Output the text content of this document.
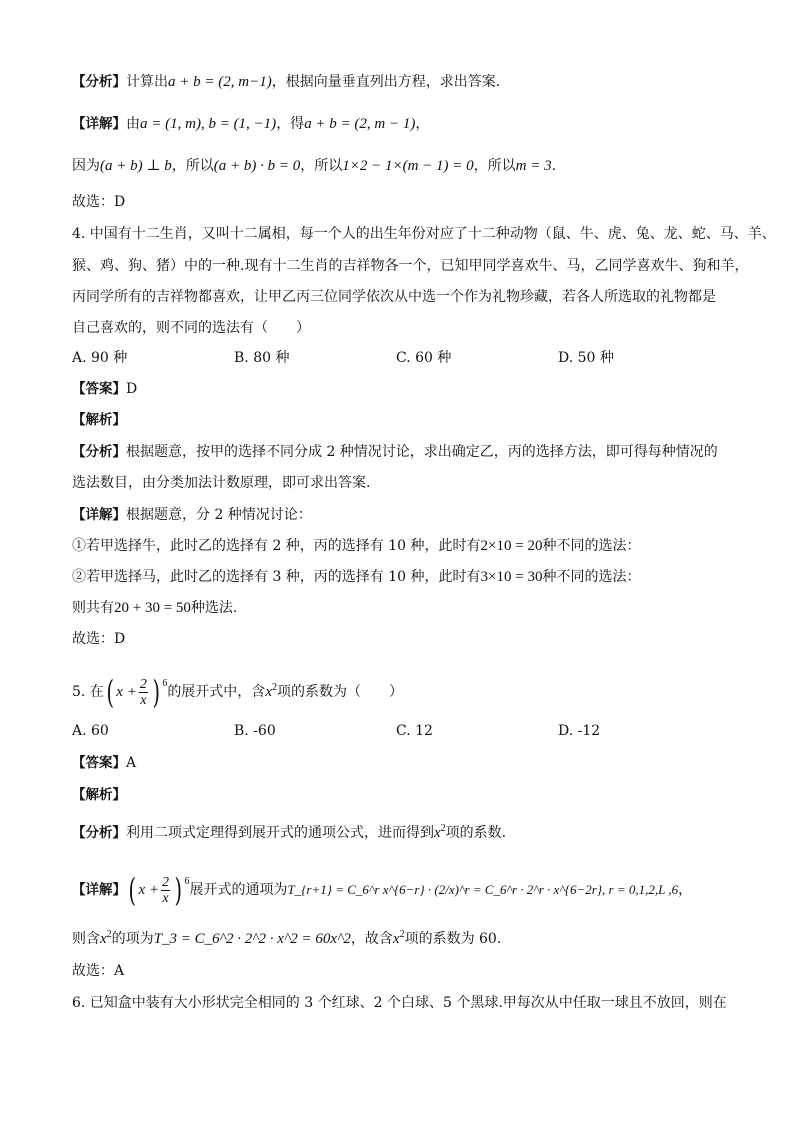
【分析】计算出a + b = (2, m−1)，根据向量垂直列出方程，求出答案.
【详解】由a = (1, m), b = (1, −1)，得a + b = (2, m − 1)，
因为(a + b) ⊥ b，所以(a + b) · b = 0，所以1×2 − 1×(m − 1) = 0，所以m = 3.
故选：D
4. 中国有十二生肖，又叫十二属相，每一个人的出生年份对应了十二种动物（鼠、牛、虎、兔、龙、蛇、马、羊、
猴、鸡、狗、猪）中的一种.现有十二生肖的吉祥物各一个，已知甲同学喜欢牛、马，乙同学喜欢牛、狗和羊，
丙同学所有的吉祥物都喜欢，让甲乙丙三位同学依次从中选一个作为礼物珍藏，若各人所选取的礼物都是
自己喜欢的，则不同的选法有（　　）
A. 90 种	B. 80 种	C. 60 种	D. 50 种
【答案】D
【解析】
【分析】根据题意，按甲的选择不同分成 2 种情况讨论，求出确定乙，丙的选择方法，即可得每种情况的
选法数目，由分类加法计数原理，即可求出答案.
【详解】根据题意，分 2 种情况讨论：
①若甲选择牛，此时乙的选择有 2 种，丙的选择有 10 种，此时有2×10 = 20种不同的选法：
②若甲选择马，此时乙的选择有 3 种，丙的选择有 10 种，此时有3×10 = 30种不同的选法：
则共有20 + 30 = 50种选法.
故选：D
5. 在( $x + \frac{2}{x}$ ) $^6$的展开式中，含$x^2$项的系数为（　　）
A. 60	B. -60	C. 12	D. -12
【答案】A
【解析】
【分析】利用二项式定理得到展开式的通项公式，进而得到$x^2$项的系数.
【详解】( $x + \frac{2}{x}$ ) $^6$展开式的通项为T_{r+1} = C_6^r x^{6−r} · (2/x)^r = C_6^r · 2^r · x^{6−2r}, r = 0,1,2,L ,6，
则含$x^2$的项为T_3 = C_6^2 · 2^2 · x^2 = 60x^2，故含$x^2$项的系数为 60.
故选：A
6. 已知盒中装有大小形状完全相同的 3 个红球、2 个白球、5 个黑球.甲每次从中任取一球且不放回，则在
